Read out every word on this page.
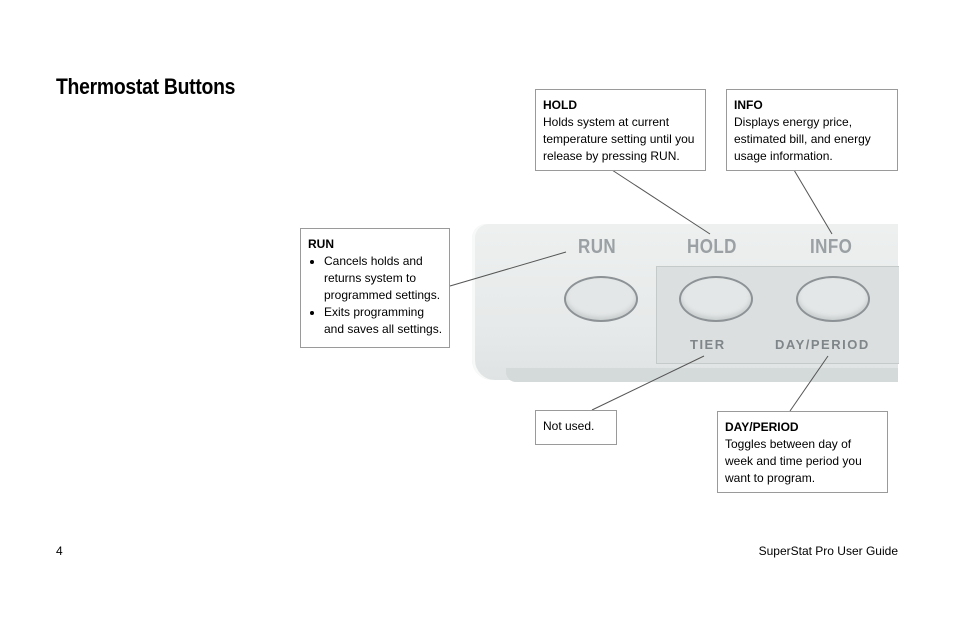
Thermostat Buttons
RUN	HOLD	INFO
TIER	DAY/PERIOD
HOLD
Holds system at current
temperature setting until you
release by pressing RUN.
INFO
Displays energy price,
estimated bill, and energy
usage information.
RUN
• Cancels holds and
returns system to
programmed settings.
• Exits programming
and saves all settings.
Not used.	DAY/PERIOD
Toggles between day of
week and time period you
want to program.
4	SuperStat Pro User Guide
